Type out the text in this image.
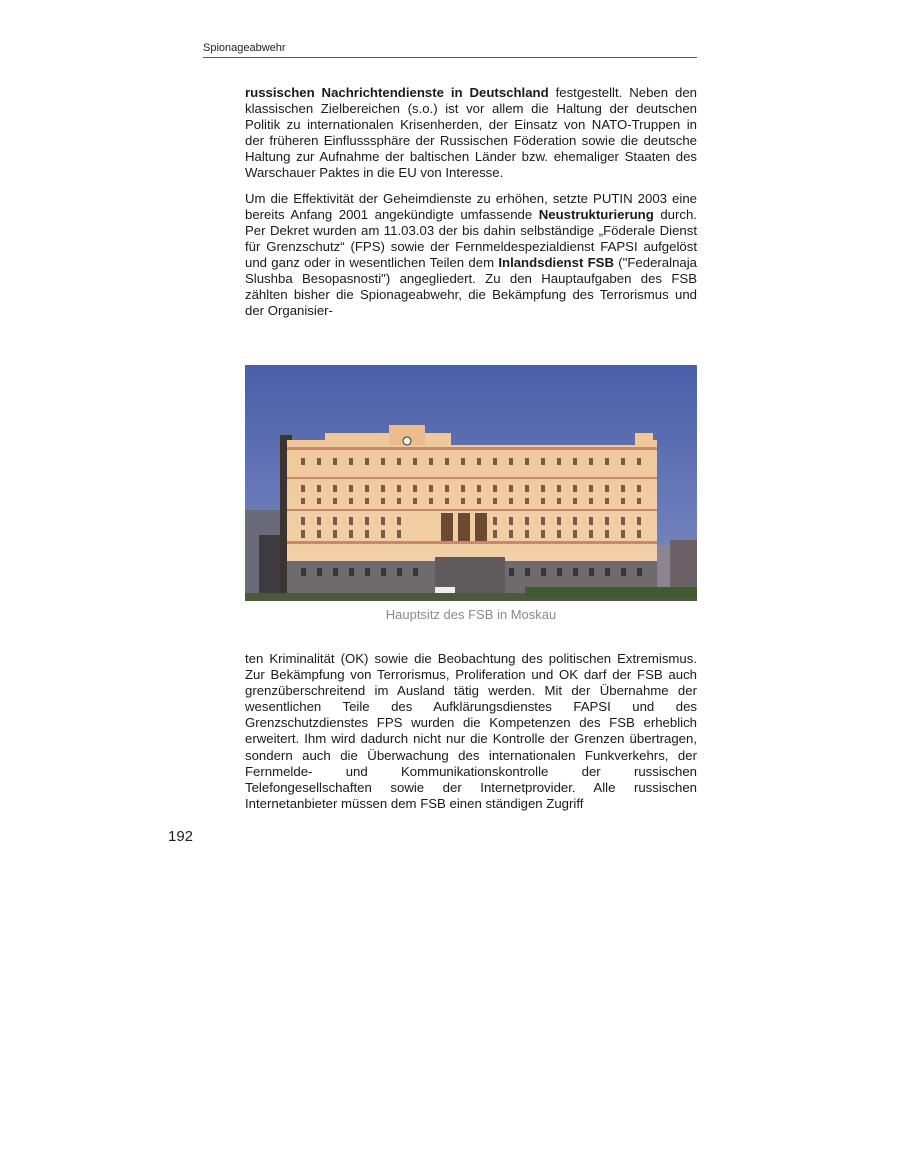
Spionageabwehr

russischen Nachrichtendienste in Deutschland festgestellt. Neben den klassischen Zielbereichen (s.o.) ist vor allem die Haltung der deutschen Politik zu internationalen Krisenherden, der Einsatz von NATO-Truppen in der früheren Einflusssphäre der Russischen Föderation sowie die deutsche Haltung zur Aufnahme der baltischen Länder bzw. ehemaliger Staaten des Warschauer Paktes in die EU von Interesse.

Um die Effektivität der Geheimdienste zu erhöhen, setzte PUTIN 2003 eine bereits Anfang 2001 angekündigte umfassende Neustrukturierung durch. Per Dekret wurden am 11.03.03 der bis dahin selbständige „Föderale Dienst für Grenzschutz“ (FPS) sowie der Fernmeldespezialdienst FAPSI aufgelöst und ganz oder in wesentlichen Teilen dem Inlandsdienst FSB ("Federalnaja Slushba Besopasnosti") angegliedert. Zu den Hauptaufgaben des FSB zählten bisher die Spionageabwehr, die Bekämpfung des Terrorismus und der Organisier-

Hauptsitz des FSB in Moskau

ten Kriminalität (OK) sowie die Beobachtung des politischen Extremismus. Zur Bekämpfung von Terrorismus, Proliferation und OK darf der FSB auch grenzüberschreitend im Ausland tätig werden. Mit der Übernahme der wesentlichen Teile des Aufklärungsdienstes FAPSI und des Grenzschutzdienstes FPS wurden die Kompetenzen des FSB erheblich erweitert. Ihm wird dadurch nicht nur die Kontrolle der Grenzen übertragen, sondern auch die Überwachung des internationalen Funkverkehrs, der Fernmelde- und Kommunikationskontrolle der russischen Telefongesellschaften sowie der Internetprovider. Alle russischen Internetanbieter müssen dem FSB einen ständigen Zugriff

192
